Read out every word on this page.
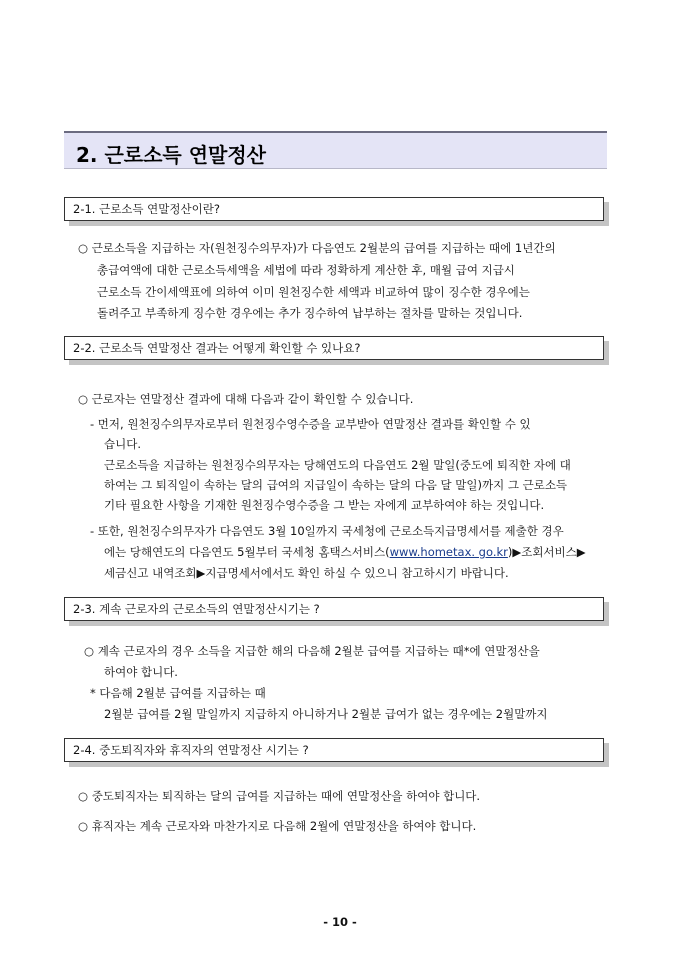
2. 근로소득 연말정산
2-1. 근로소득 연말정산이란?
○ 근로소득을 지급하는 자(원천징수의무자)가 다음연도 2월분의 급여를 지급하는 때에 1년간의
총급여액에 대한 근로소득세액을 세법에 따라 정확하게 계산한 후, 매월 급여 지급시
근로소득 간이세액표에 의하여 이미 원천징수한 세액과 비교하여 많이 징수한 경우에는
돌려주고 부족하게 징수한 경우에는 추가 징수하여 납부하는 절차를 말하는 것입니다.
2-2. 근로소득 연말정산 결과는 어떻게 확인할 수 있나요?
○ 근로자는 연말정산 결과에 대해 다음과 같이 확인할 수 있습니다.
- 먼저, 원천징수의무자로부터 원천징수영수증을 교부받아 연말정산 결과를 확인할 수 있
습니다.
근로소득을 지급하는 원천징수의무자는 당해연도의 다음연도 2월 말일(중도에 퇴직한 자에 대
하여는 그 퇴직일이 속하는 달의 급여의 지급일이 속하는 달의 다음 달 말일)까지 그 근로소득
기타 필요한 사항을 기재한 원천징수영수증을 그 받는 자에게 교부하여야 하는 것입니다.
- 또한, 원천징수의무자가 다음연도 3월 10일까지 국세청에 근로소득지급명세서를 제출한 경우
에는 당해연도의 다음연도 5월부터 국세청 홈택스서비스(www.hometax. go.kr)▶조회서비스▶
세금신고 내역조회▶지급명세서에서도 확인 하실 수 있으니 참고하시기 바랍니다.
2-3. 계속 근로자의 근로소득의 연말정산시기는 ?
○ 계속 근로자의 경우 소득을 지급한 해의 다음해 2월분 급여를 지급하는 때*에 연말정산을
하여야 합니다.
* 다음해 2월분 급여를 지급하는 때
2월분 급여를 2월 말일까지 지급하지 아니하거나 2월분 급여가 없는 경우에는 2월말까지
2-4. 중도퇴직자와 휴직자의 연말정산 시기는 ?
○ 중도퇴직자는 퇴직하는 달의 급여를 지급하는 때에 연말정산을 하여야 합니다.
○ 휴직자는 계속 근로자와 마찬가지로 다음해 2월에 연말정산을 하여야 합니다.
- 10 -
